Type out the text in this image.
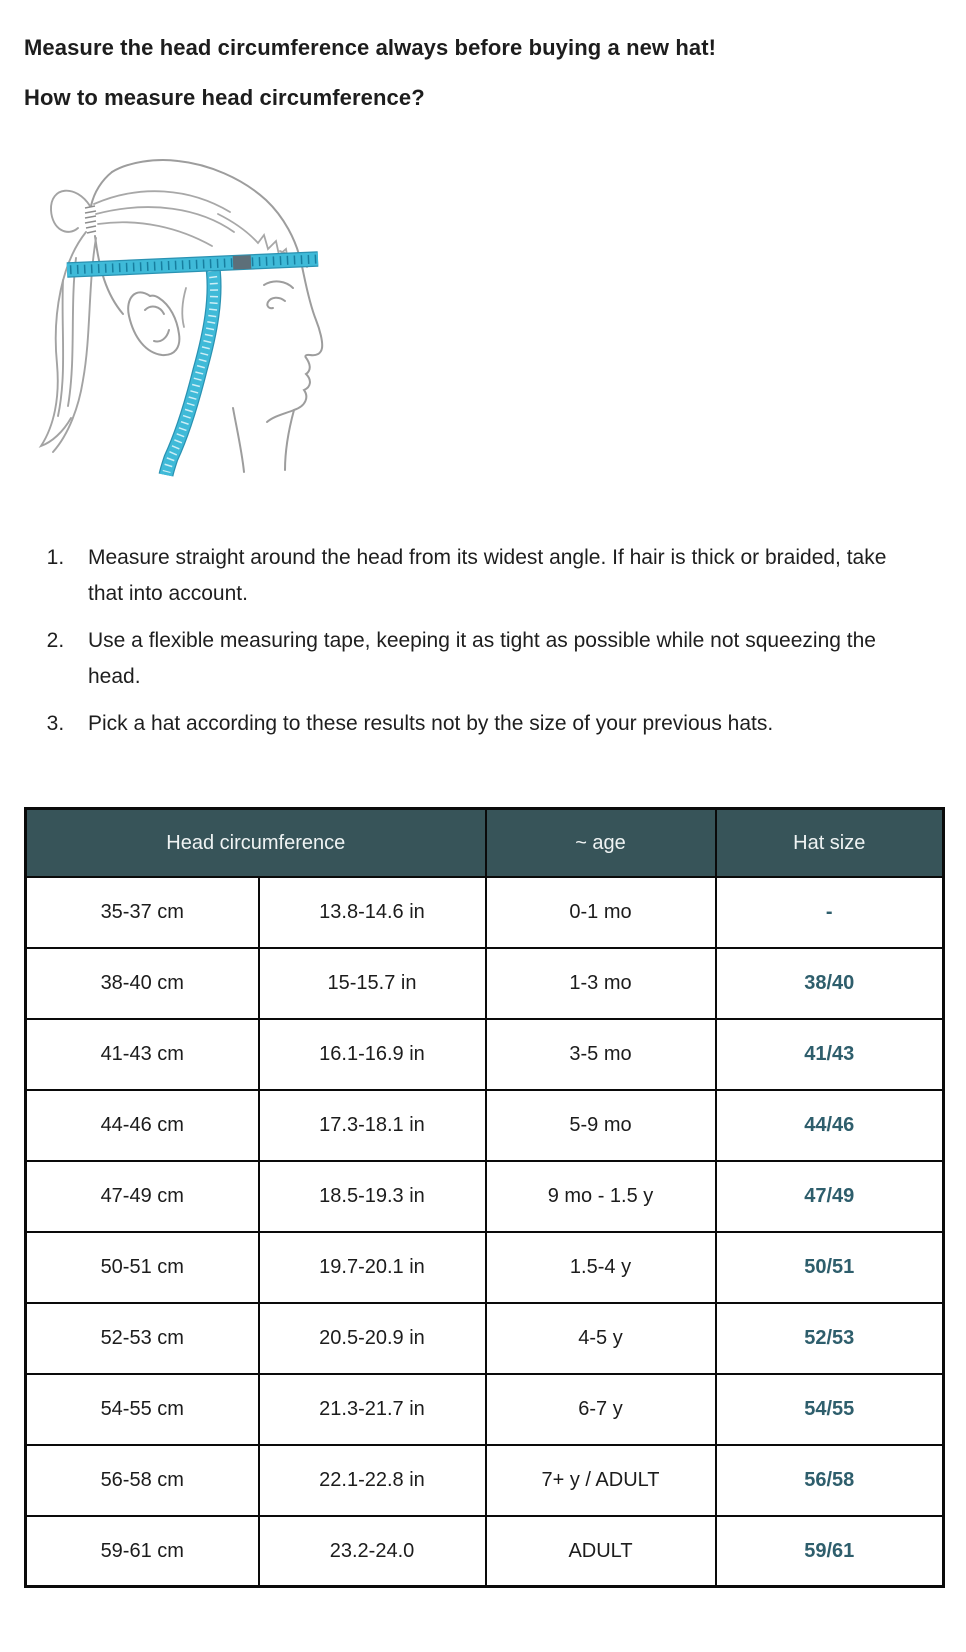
Measure the head circumference always before buying a new hat!

How to measure head circumference?

1. Measure straight around the head from its widest angle. If hair is thick or braided, take that into account.
2. Use a flexible measuring tape, keeping it as tight as possible while not squeezing the head.
3. Pick a hat according to these results not by the size of your previous hats.
Head circumference		~ age	Hat size
35-37 cm	13.8-14.6 in	0-1 mo	-
38-40 cm	15-15.7 in	1-3 mo	38/40
41-43 cm	16.1-16.9 in	3-5 mo	41/43
44-46 cm	17.3-18.1 in	5-9 mo	44/46
47-49 cm	18.5-19.3 in	9 mo - 1.5 y	47/49
50-51 cm	19.7-20.1 in	1.5-4 y	50/51
52-53 cm	20.5-20.9 in	4-5 y	52/53
54-55 cm	21.3-21.7 in	6-7 y	54/55
56-58 cm	22.1-22.8 in	7+ y / ADULT	56/58
59-61 cm	23.2-24.0	ADULT	59/61
